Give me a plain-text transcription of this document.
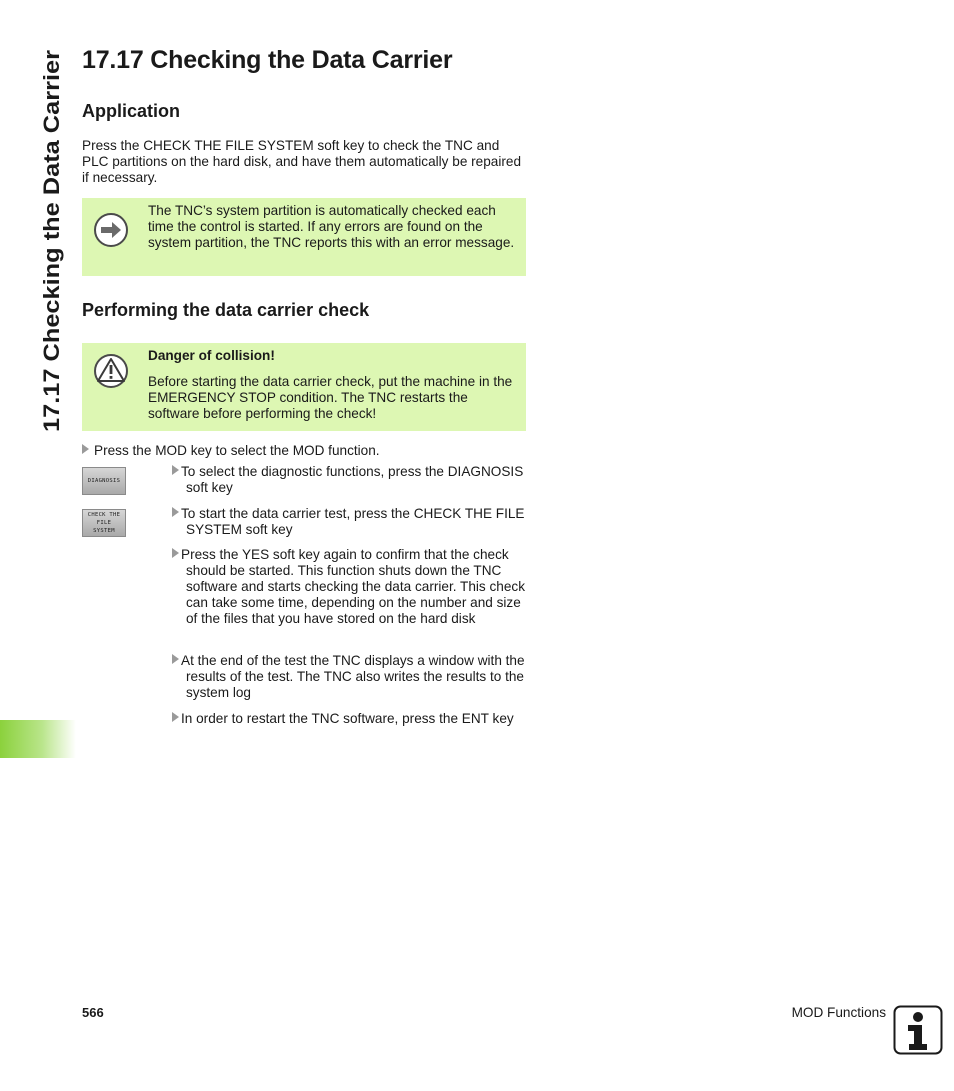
17.17 Checking the Data Carrier
17.17 Checking the Data Carrier
Application

Press the CHECK THE FILE SYSTEM soft key to check the TNC and PLC partitions on the hard disk, and have them automatically be repaired if necessary.

The TNC’s system partition is automatically checked each time the control is started. If any errors are found on the system partition, the TNC reports this with an error message.
Performing the data carrier check
Danger of collision!
Before starting the data carrier check, put the machine in the EMERGENCY STOP condition. The TNC restarts the software before performing the check!
Press the MOD key to select the MOD function.
DIAGNOSIS
CHECK THE
FILE
SYSTEM
To select the diagnostic functions, press the DIAGNOSIS soft key
To start the data carrier test, press the CHECK THE FILE SYSTEM soft key
Press the YES soft key again to confirm that the check should be started. This function shuts down the TNC software and starts checking the data carrier. This check can take some time, depending on the number and size of the files that you have stored on the hard disk
At the end of the test the TNC displays a window with the results of the test. The TNC also writes the results to the system log
In order to restart the TNC software, press the ENT key
566	MOD Functions
